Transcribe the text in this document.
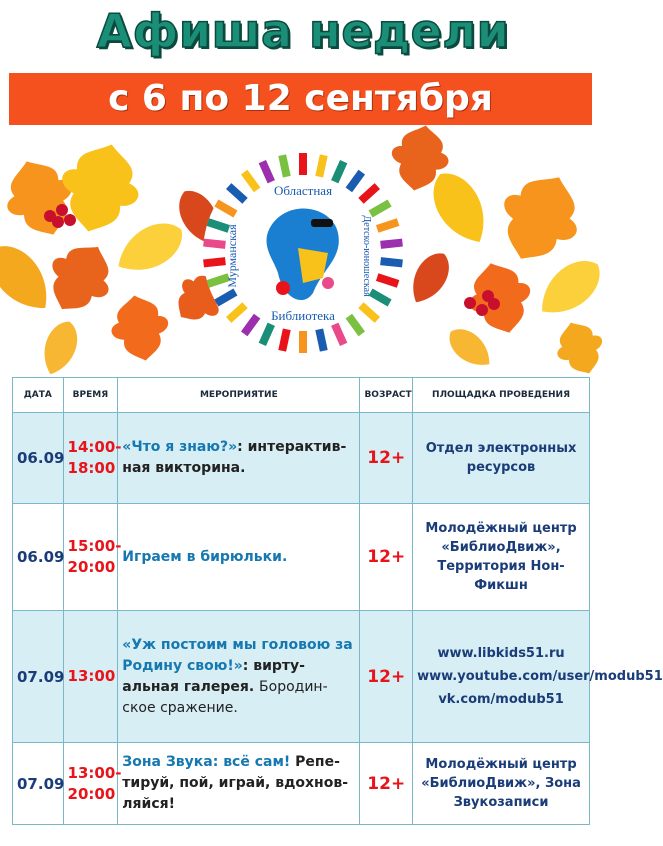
Афиша недели
с 6 по 12 сентября
Областная
Библиотека
Мурманская	Детско-юношеская
ДАТА	ВРЕМЯ	МЕРОПРИЯТИЕ	ВОЗРАСТ	ПЛОЩАДКА ПРОВЕДЕНИЯ
06.09	14:00-18:00	«Что я знаю?»: интерактив-ная викторина.	12+	Отдел электронных ресурсов
06.09	15:00-20:00	Играем в бирюльки.	12+	Молодёжный центр «БиблиоДвиж», Территория Нон-Фикшн
07.09	13:00	«Уж постоим мы головою за Родину свою!»: вирту-альная галерея. Бородин-ское сражение.	12+	www.libkids51.ru
www.youtube.com/user/modub51
vk.com/modub51

07.09	13:00-20:00	Зона Звука: всё сам! Репе-тируй, пой, играй, вдохнов-ляйся!	12+	Молодёжный центр «БиблиоДвиж», Зона Звукозаписи
